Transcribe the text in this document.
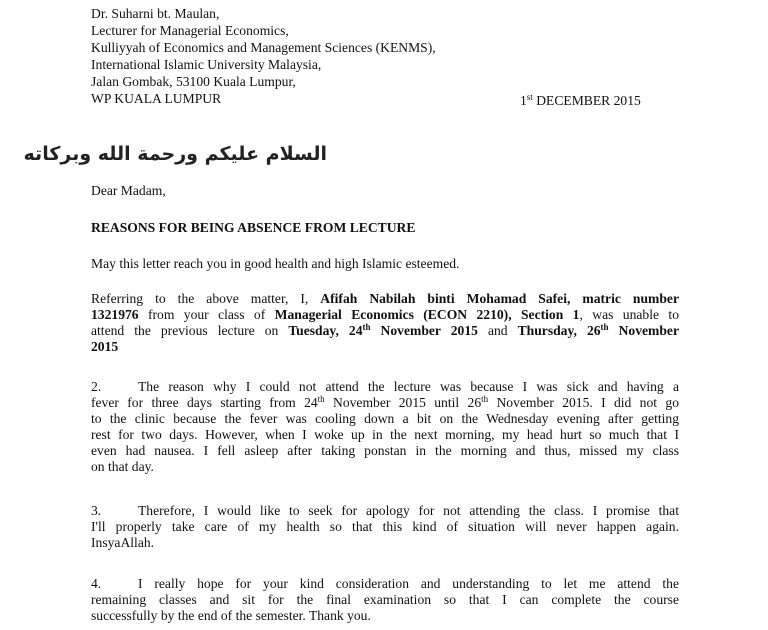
Dr. Suharni bt. Maulan,
Lecturer for Managerial Economics,
Kulliyyah of Economics and Management Sciences (KENMS),
International Islamic University Malaysia,
Jalan Gombak, 53100 Kuala Lumpur,
WP KUALA LUMPUR	1st DECEMBER 2015
السلام عليكم ورحمة الله وبركاته
Dear Madam,
REASONS FOR BEING ABSENCE FROM LECTURE
May this letter reach you in good health and high Islamic esteemed.
Referring to the above matter, I, Afifah Nabilah binti Mohamad Safei, matric number
1321976 from your class of Managerial Economics (ECON 2210), Section 1, was unable to
attend the previous lecture on Tuesday, 24th November 2015 and Thursday, 26th November
2015
2.	The reason why I could not attend the lecture was because I was sick and having a
fever for three days starting from 24th November 2015 until 26th November 2015. I did not go
to the clinic because the fever was cooling down a bit on the Wednesday evening after getting
rest for two days. However, when I woke up in the next morning, my head hurt so much that I
even had nausea. I fell asleep after taking ponstan in the morning and thus, missed my class
on that day.
3.	Therefore, I would like to seek for apology for not attending the class. I promise that
I'll properly take care of my health so that this kind of situation will never happen again.
InsyaAllah.
4.	I really hope for your kind consideration and understanding to let me attend the
remaining classes and sit for the final examination so that I can complete the course
successfully by the end of the semester. Thank you.
